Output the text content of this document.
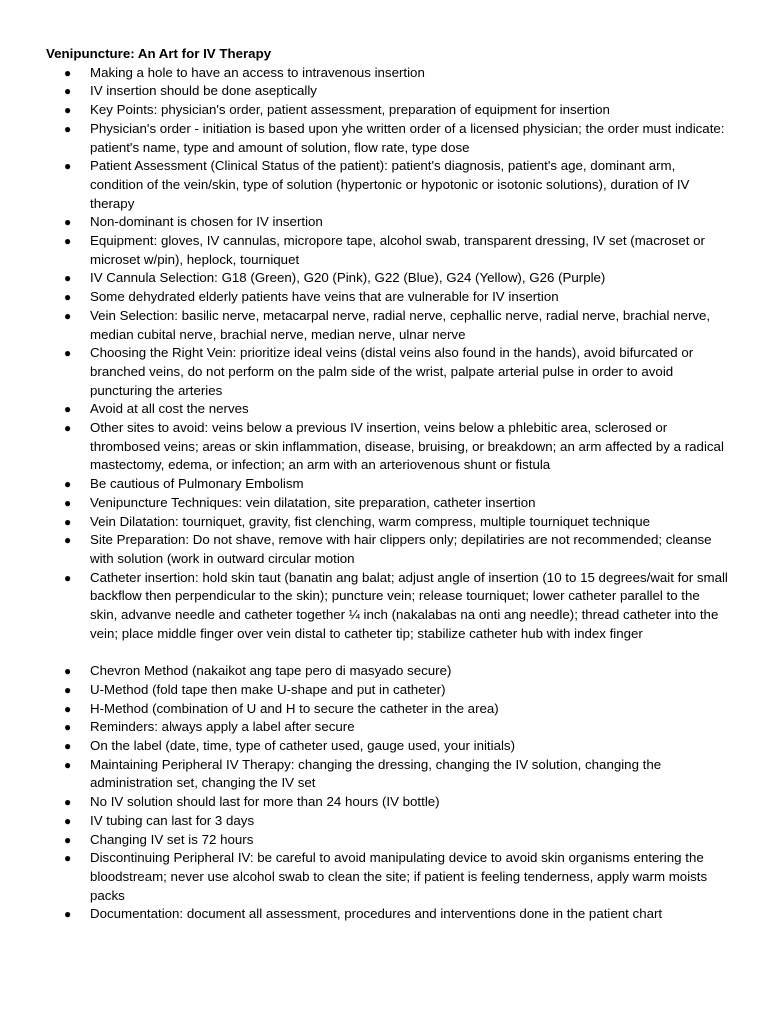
Venipuncture: An Art for IV Therapy
● Making a hole to have an access to intravenous insertion
● IV insertion should be done aseptically
● Key Points: physician's order, patient assessment, preparation of equipment for insertion
● Physician's order - initiation is based upon yhe written order of a licensed physician; the order must indicate: patient's name, type and amount of solution, flow rate, type dose
● Patient Assessment (Clinical Status of the patient): patient's diagnosis, patient's age, dominant arm, condition of the vein/skin, type of solution (hypertonic or hypotonic or isotonic solutions), duration of IV therapy
● Non-dominant is chosen for IV insertion
● Equipment: gloves, IV cannulas, micropore tape, alcohol swab, transparent dressing, IV set (macroset or microset w/pin), heplock, tourniquet
● IV Cannula Selection: G18 (Green), G20 (Pink), G22 (Blue), G24 (Yellow), G26 (Purple)
● Some dehydrated elderly patients have veins that are vulnerable for IV insertion
● Vein Selection: basilic nerve, metacarpal nerve, radial nerve, cephallic nerve, radial nerve, brachial nerve, median cubital nerve, brachial nerve, median nerve, ulnar nerve
● Choosing the Right Vein: prioritize ideal veins (distal veins also found in the hands), avoid bifurcated or branched veins, do not perform on the palm side of the wrist, palpate arterial pulse in order to avoid puncturing the arteries
● Avoid at all cost the nerves
● Other sites to avoid: veins below a previous IV insertion, veins below a phlebitic area, sclerosed or thrombosed veins; areas or skin inflammation, disease, bruising, or breakdown; an arm affected by a radical mastectomy, edema, or infection; an arm with an arteriovenous shunt or fistula
● Be cautious of Pulmonary Embolism
● Venipuncture Techniques: vein dilatation, site preparation, catheter insertion
● Vein Dilatation: tourniquet, gravity, fist clenching, warm compress, multiple tourniquet technique
● Site Preparation: Do not shave, remove with hair clippers only; depilatiries are not recommended; cleanse with solution (work in outward circular motion
● Catheter insertion: hold skin taut (banatin ang balat; adjust angle of insertion (10 to 15 degrees/wait for small backflow then perpendicular to the skin); puncture vein; release tourniquet; lower catheter parallel to the skin, advanve needle and catheter together ¼ inch (nakalabas na onti ang needle); thread catheter into the vein; place middle finger over vein distal to catheter tip; stabilize catheter hub with index finger
● Chevron Method (nakaikot ang tape pero di masyado secure)
● U-Method (fold tape then make U-shape and put in catheter)
● H-Method (combination of U and H to secure the catheter in the area)
● Reminders: always apply a label after secure
● On the label (date, time, type of catheter used, gauge used, your initials)
● Maintaining Peripheral IV Therapy: changing the dressing, changing the IV solution, changing the administration set, changing the IV set
● No IV solution should last for more than 24 hours (IV bottle)
● IV tubing can last for 3 days
● Changing IV set is 72 hours
● Discontinuing Peripheral IV: be careful to avoid manipulating device to avoid skin organisms entering the bloodstream; never use alcohol swab to clean the site; if patient is feeling tenderness, apply warm moists packs
● Documentation: document all assessment, procedures and interventions done in the patient chart
